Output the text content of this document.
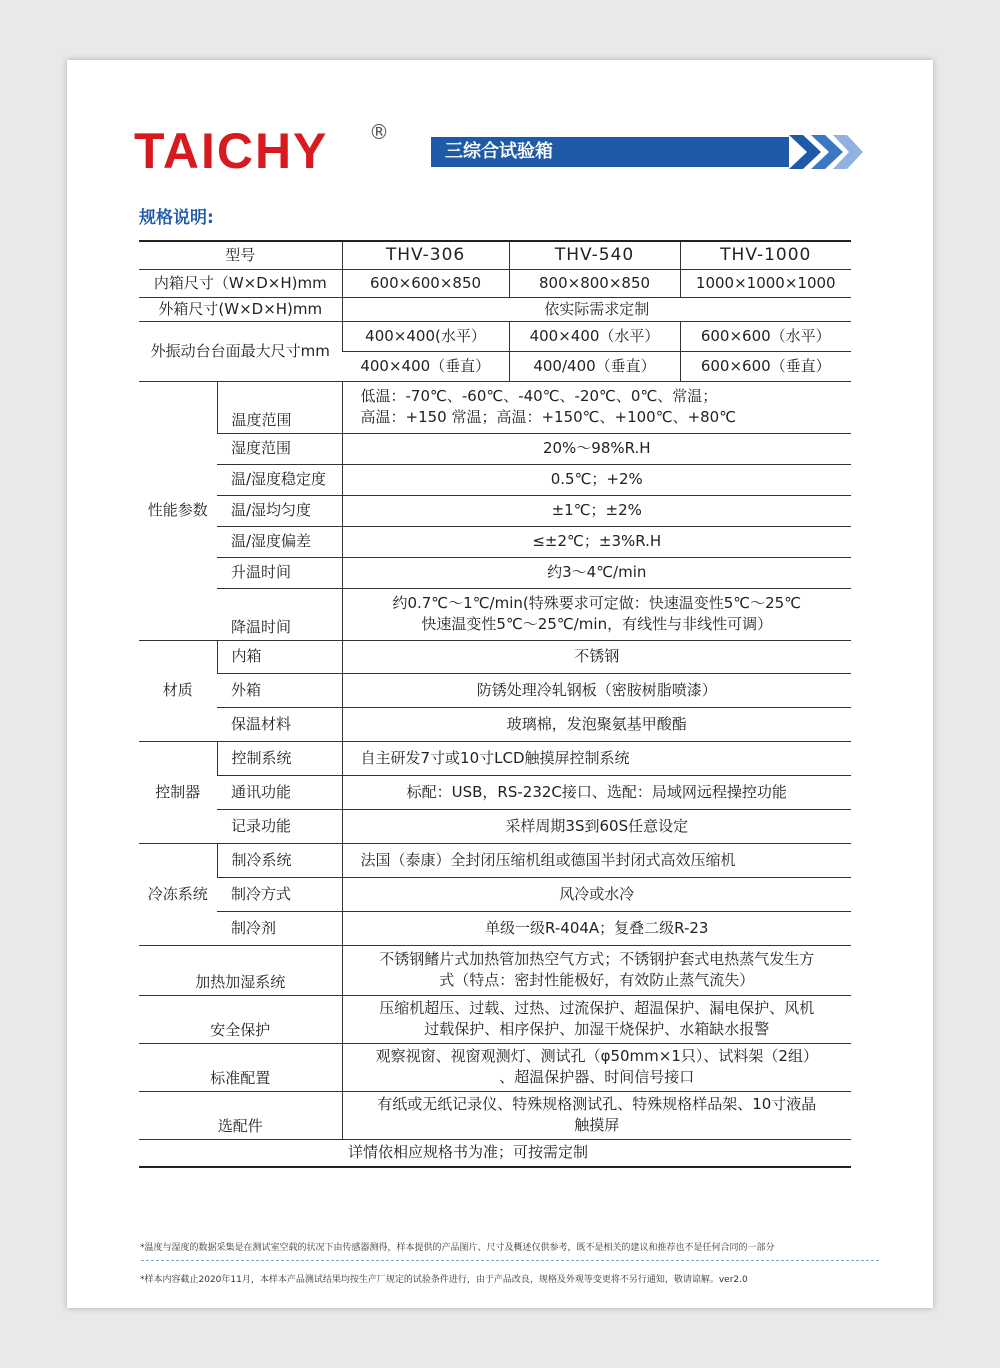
TAICHY ®
三综合试验箱
规格说明:
型号		THV-306	THV-540	THV-1000
内箱尺寸（W×D×H)mm		600×600×850	800×800×850	1000×1000×1000
外箱尺寸(W×D×H)mm		依实际需求定制		
外振动台台面最大尺寸mm		400×400(水平）	400×400（水平）	600×600（水平）
		400×400（垂直）	400/400（垂直）	600×600（垂直）
性能参数	温度范围	低温：-70℃、-60℃、-40℃、-20℃、0℃、常温；
高温：+150 常温；高温：+150℃、+100℃、+80℃		

	湿度范围	20%～98%R.H		
	温/湿度稳定度	0.5℃；+2%		
	温/湿均匀度	±1℃；±2%		
	温/湿度偏差	≤±2℃；±3%R.H		
	升温时间	约3～4℃/min		
	降温时间	约0.7℃～1℃/min(特殊要求可定做：快速温变性5℃～25℃
快速温变性5℃～25℃/min，有线性与非线性可调）		

材质	内箱	不锈钢		
	外箱	防锈处理冷轧钢板（密胺树脂喷漆）		
	保温材料	玻璃棉，发泡聚氨基甲酸酯		
控制器	控制系统	自主研发7寸或10寸LCD触摸屏控制系统		
	通讯功能	标配：USB，RS-232C接口、选配：局域网远程操控功能		
	记录功能	采样周期3S到60S任意设定		
冷冻系统	制冷系统	法国（泰康）全封闭压缩机组或德国半封闭式高效压缩机		
	制冷方式	风冷或水冷		
	制冷剂	单级一级R-404A；复叠二级R-23		
加热加湿系统		不锈钢鳍片式加热管加热空气方式；不锈钢护套式电热蒸气发生方
式（特点：密封性能极好，有效防止蒸气流失）		

安全保护		压缩机超压、过载、过热、过流保护、超温保护、漏电保护、风机
过载保护、相序保护、加湿干烧保护、水箱缺水报警		

标准配置		观察视窗、视窗观测灯、测试孔（φ50mm×1只）、试料架（2组）
、超温保护器、时间信号接口		

选配件		有纸或无纸记录仪、特殊规格测试孔、特殊规格样品架、10寸液晶
触摸屏		

		详情依相应规格书为准；可按需定制		
*温度与湿度的数据采集是在测试室空载的状况下由传感器测得，样本提供的产品图片、尺寸及概述仅供参考，既不是相关的建议和推荐也不是任何合同的一部分
*样本内容截止2020年11月，本样本产品测试结果均按生产厂规定的试验条件进行，由于产品改良，规格及外观等变更将不另行通知，敬请谅解。ver2.0
